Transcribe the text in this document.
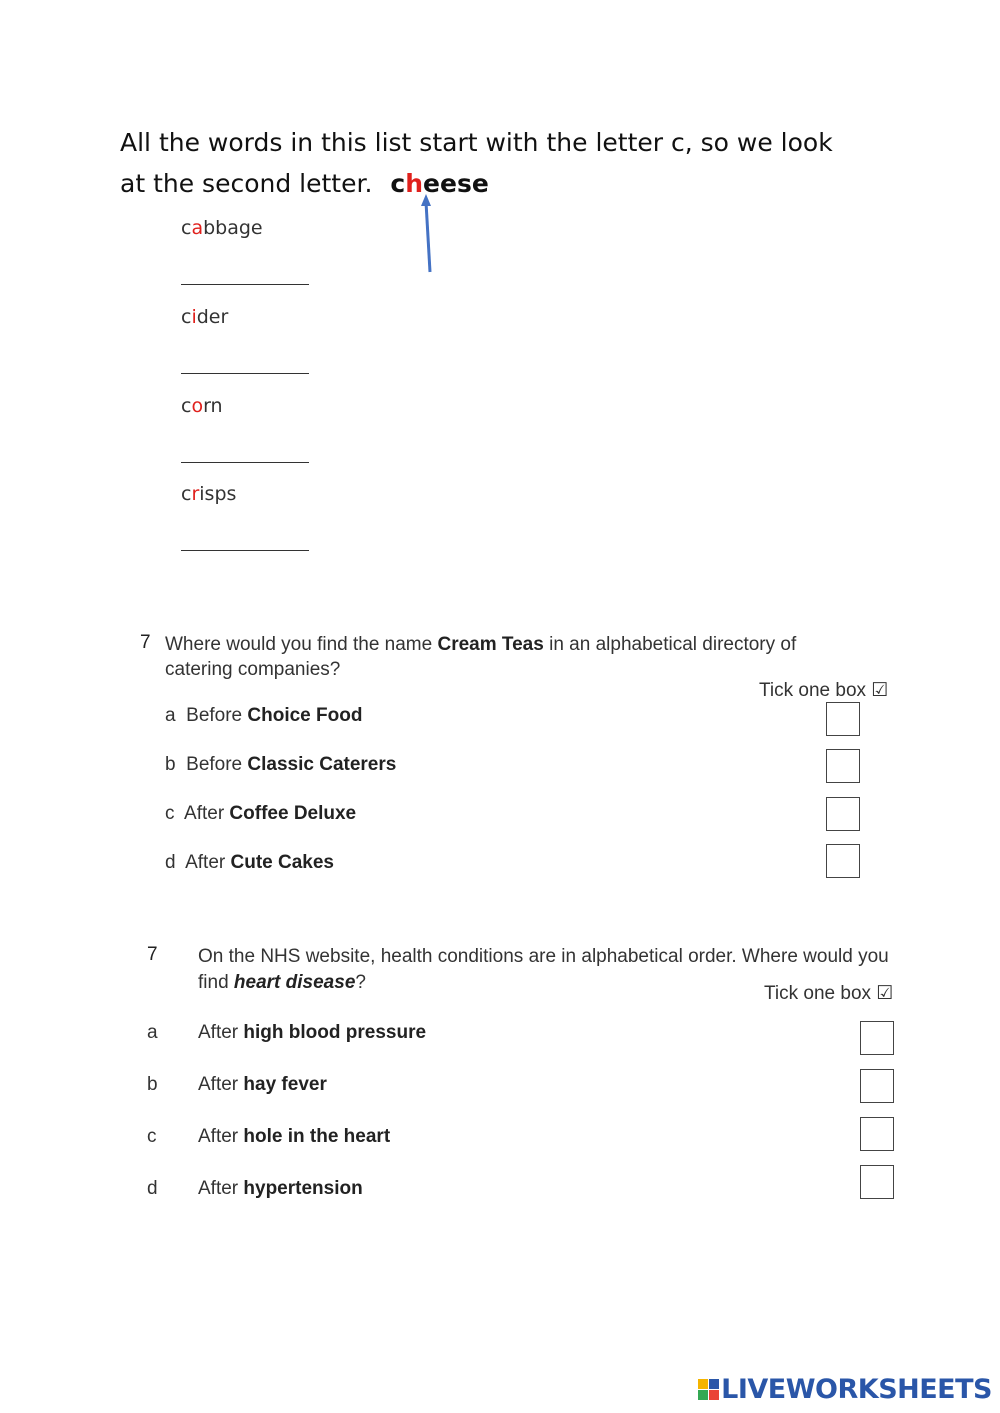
All the words in this list start with the letter c, so we look
at the second letter. cheese
cabbage
cider
corn
crisps
7 Where would you find the name Cream Teas in an alphabetical directory of
catering companies?
Tick one box ☑
a Before Choice Food
b Before Classic Caterers
c After Coffee Deluxe
d After Cute Cakes
7 On the NHS website, health conditions are in alphabetical order. Where would you
find heart disease?
Tick one box ☑
a After high blood pressure
b After hay fever
c After hole in the heart
d After hypertension
LIVEWORKSHEETS
